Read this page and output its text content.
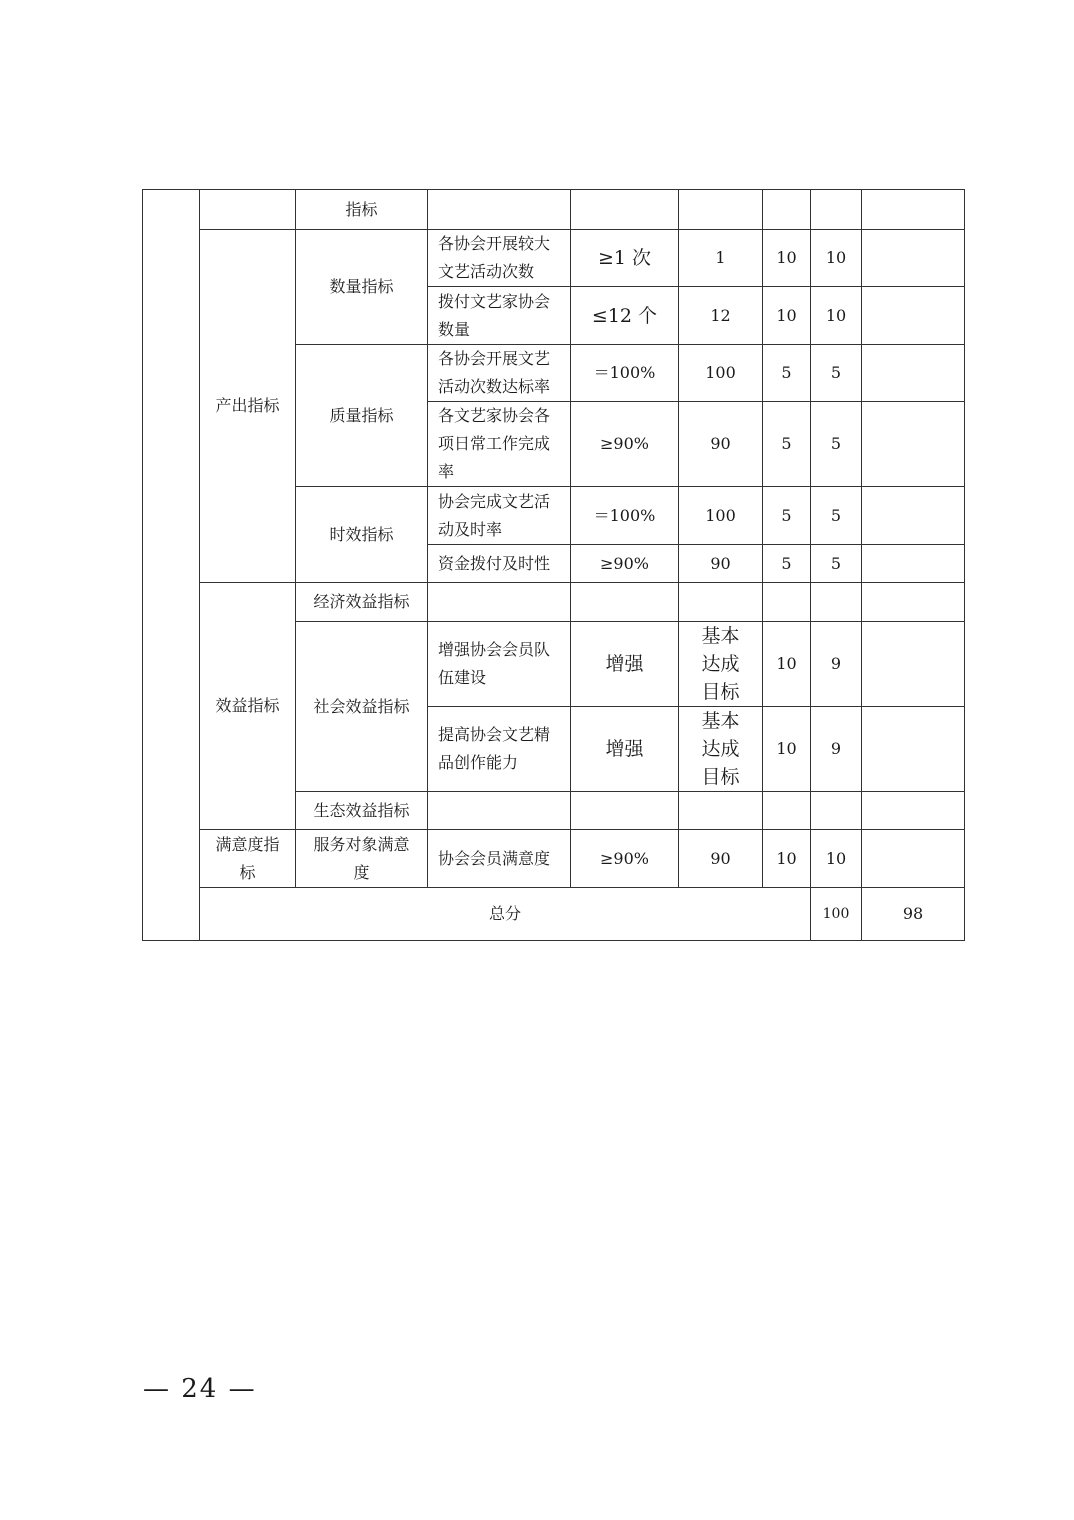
		指标							
	产出指标	数量指标	各协会开展较大文艺活动次数	≥1 次	1	10	10		
			拨付文艺家协会数量	≤12 个	12	10	10		
		质量指标	各协会开展文艺活动次数达标率	＝100%	100	5	5		
			各文艺家协会各项日常工作完成率	≥90%	90	5	5		
		时效指标	协会完成文艺活动及时率	＝100%	100	5	5		
			资金拨付及时性	≥90%	90	5	5		
	效益指标	经济效益指标							
		社会效益指标	增强协会会员队伍建设	增强	基本达成目标	10	9		
			提高协会文艺精品创作能力	增强	基本达成目标	10	9		
		生态效益指标							
	满意度指标	服务对象满意度	协会会员满意度	≥90%	90	10	10		
	总分						100	98	
— 24 —
